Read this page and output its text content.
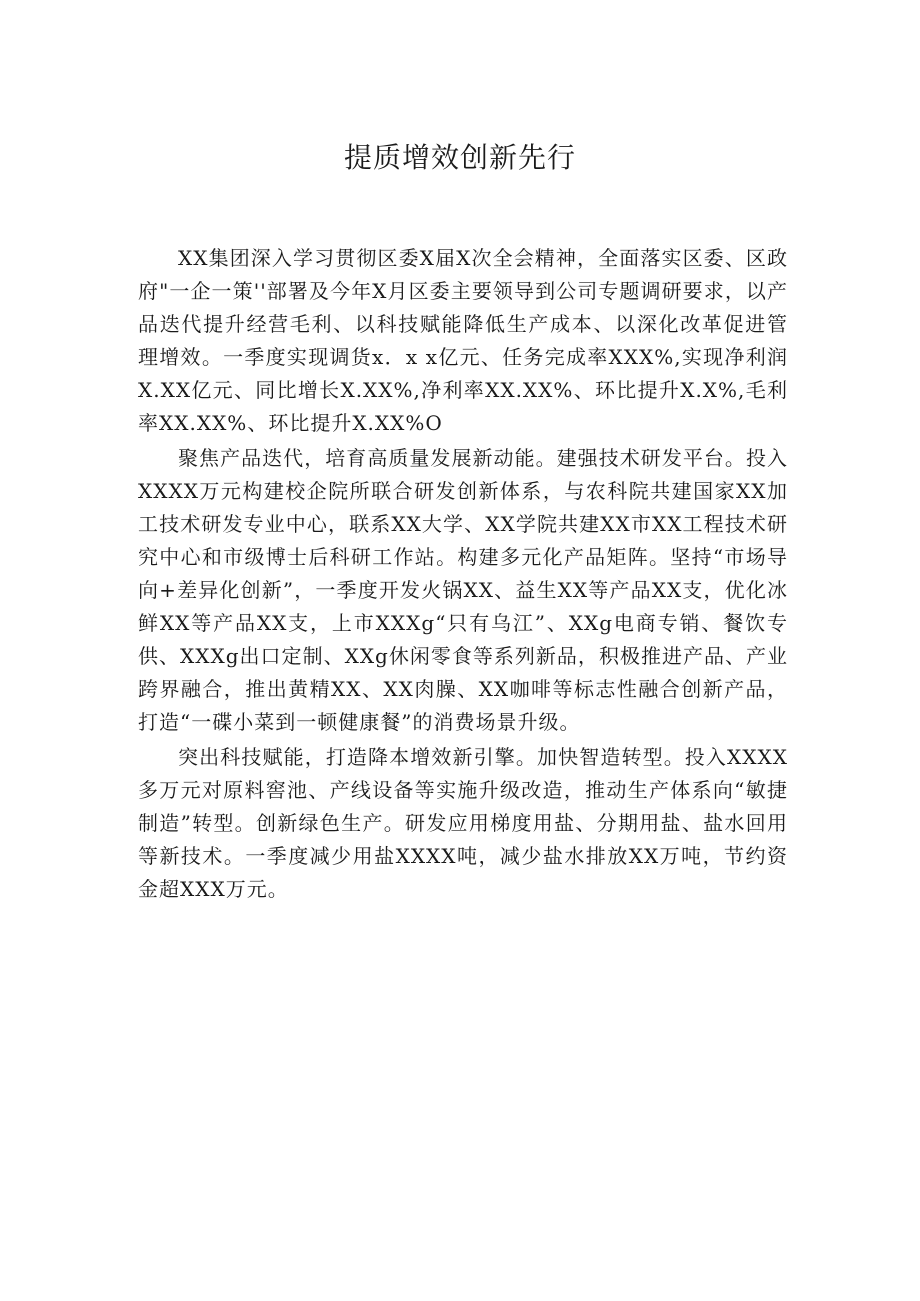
提质增效创新先行

XX集团深入学习贯彻区委X届X次全会精神，全面落实区委、区政府"一企一策''部署及今年X月区委主要领导到公司专题调研要求，以产品迭代提升经营毛利、以科技赋能降低生产成本、以深化改革促进管理增效。一季度实现调货x．x x亿元、任务完成率XXX%,实现净利润X.XX亿元、同比增长X.XX%,净利率XX.XX%、环比提升X.X%,毛利率XX.XX%、环比提升X.XX%O

聚焦产品迭代，培育高质量发展新动能。建强技术研发平台。投入XXXX万元构建校企院所联合研发创新体系，与农科院共建国家XX加工技术研发专业中心，联系XX大学、XX学院共建XX市XX工程技术研究中心和市级博士后科研工作站。构建多元化产品矩阵。坚持“市场导向+差异化创新”，一季度开发火锅XX、益生XX等产品XX支，优化冰鲜XX等产品XX支，上市XXXg“只有乌江”、XXg电商专销、餐饮专供、XXXg出口定制、XXg休闲零食等系列新品，积极推进产品、产业跨界融合，推出黄精XX、XX肉臊、XX咖啡等标志性融合创新产品，打造“一碟小菜到一顿健康餐”的消费场景升级。

突出科技赋能，打造降本增效新引擎。加快智造转型。投入XXXX多万元对原料窖池、产线设备等实施升级改造，推动生产体系向“敏捷制造”转型。创新绿色生产。研发应用梯度用盐、分期用盐、盐水回用等新技术。一季度减少用盐XXXX吨，减少盐水排放XX万吨，节约资金超XXX万元。
